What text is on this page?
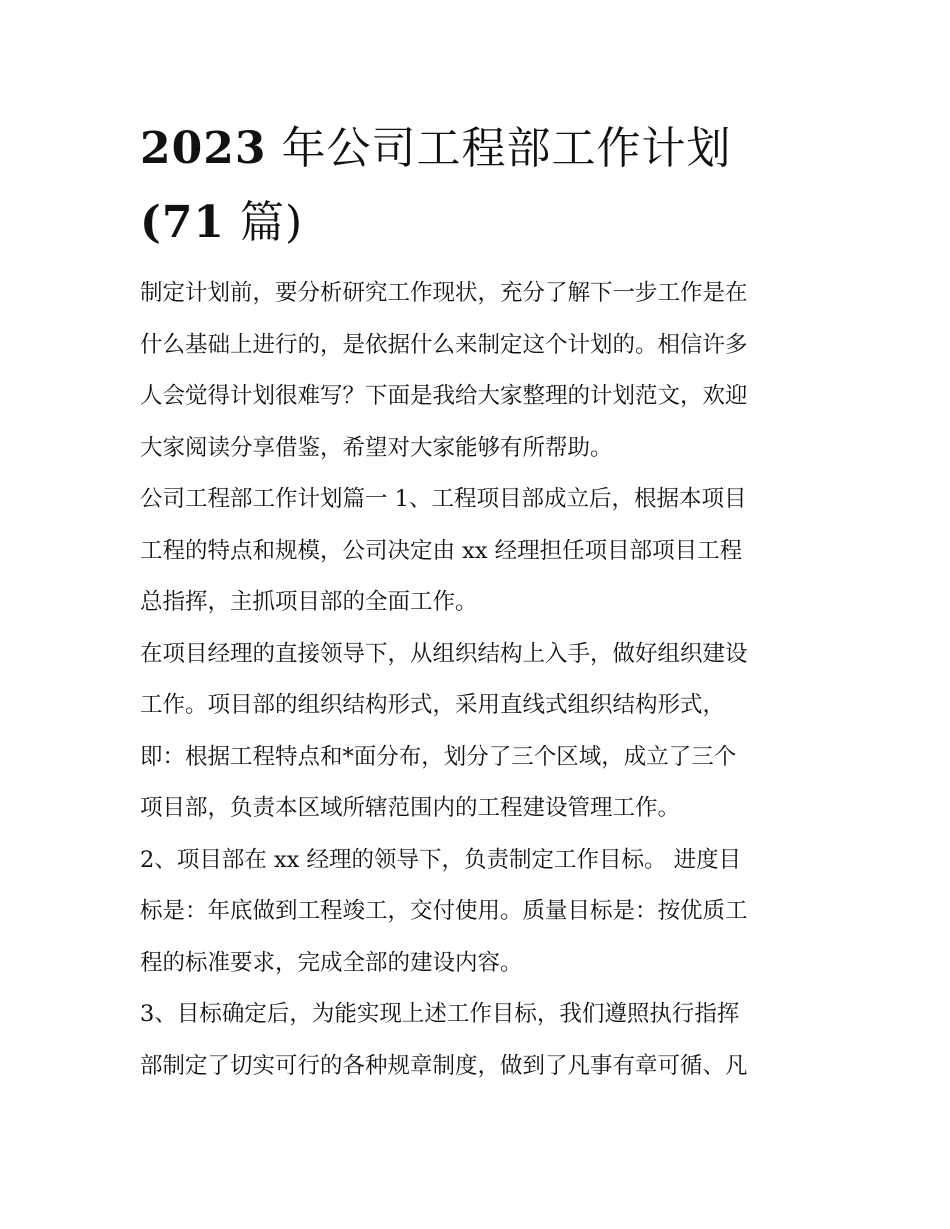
2023 年公司工程部工作计划
(71 篇)
制定计划前，要分析研究工作现状，充分了解下一步工作是在
什么基础上进行的，是依据什么来制定这个计划的。相信许多
人会觉得计划很难写？下面是我给大家整理的计划范文，欢迎
大家阅读分享借鉴，希望对大家能够有所帮助。
公司工程部工作计划篇一 1、工程项目部成立后，根据本项目
工程的特点和规模，公司决定由 xx 经理担任项目部项目工程
总指挥，主抓项目部的全面工作。
在项目经理的直接领导下，从组织结构上入手，做好组织建设
工作。项目部的组织结构形式，采用直线式组织结构形式，
即：根据工程特点和*面分布，划分了三个区域，成立了三个
项目部，负责本区域所辖范围内的工程建设管理工作。
2、项目部在 xx 经理的领导下，负责制定工作目标。 进度目
标是：年底做到工程竣工，交付使用。质量目标是：按优质工
程的标准要求，完成全部的建设内容。
3、目标确定后，为能实现上述工作目标，我们遵照执行指挥
部制定了切实可行的各种规章制度，做到了凡事有章可循、凡
